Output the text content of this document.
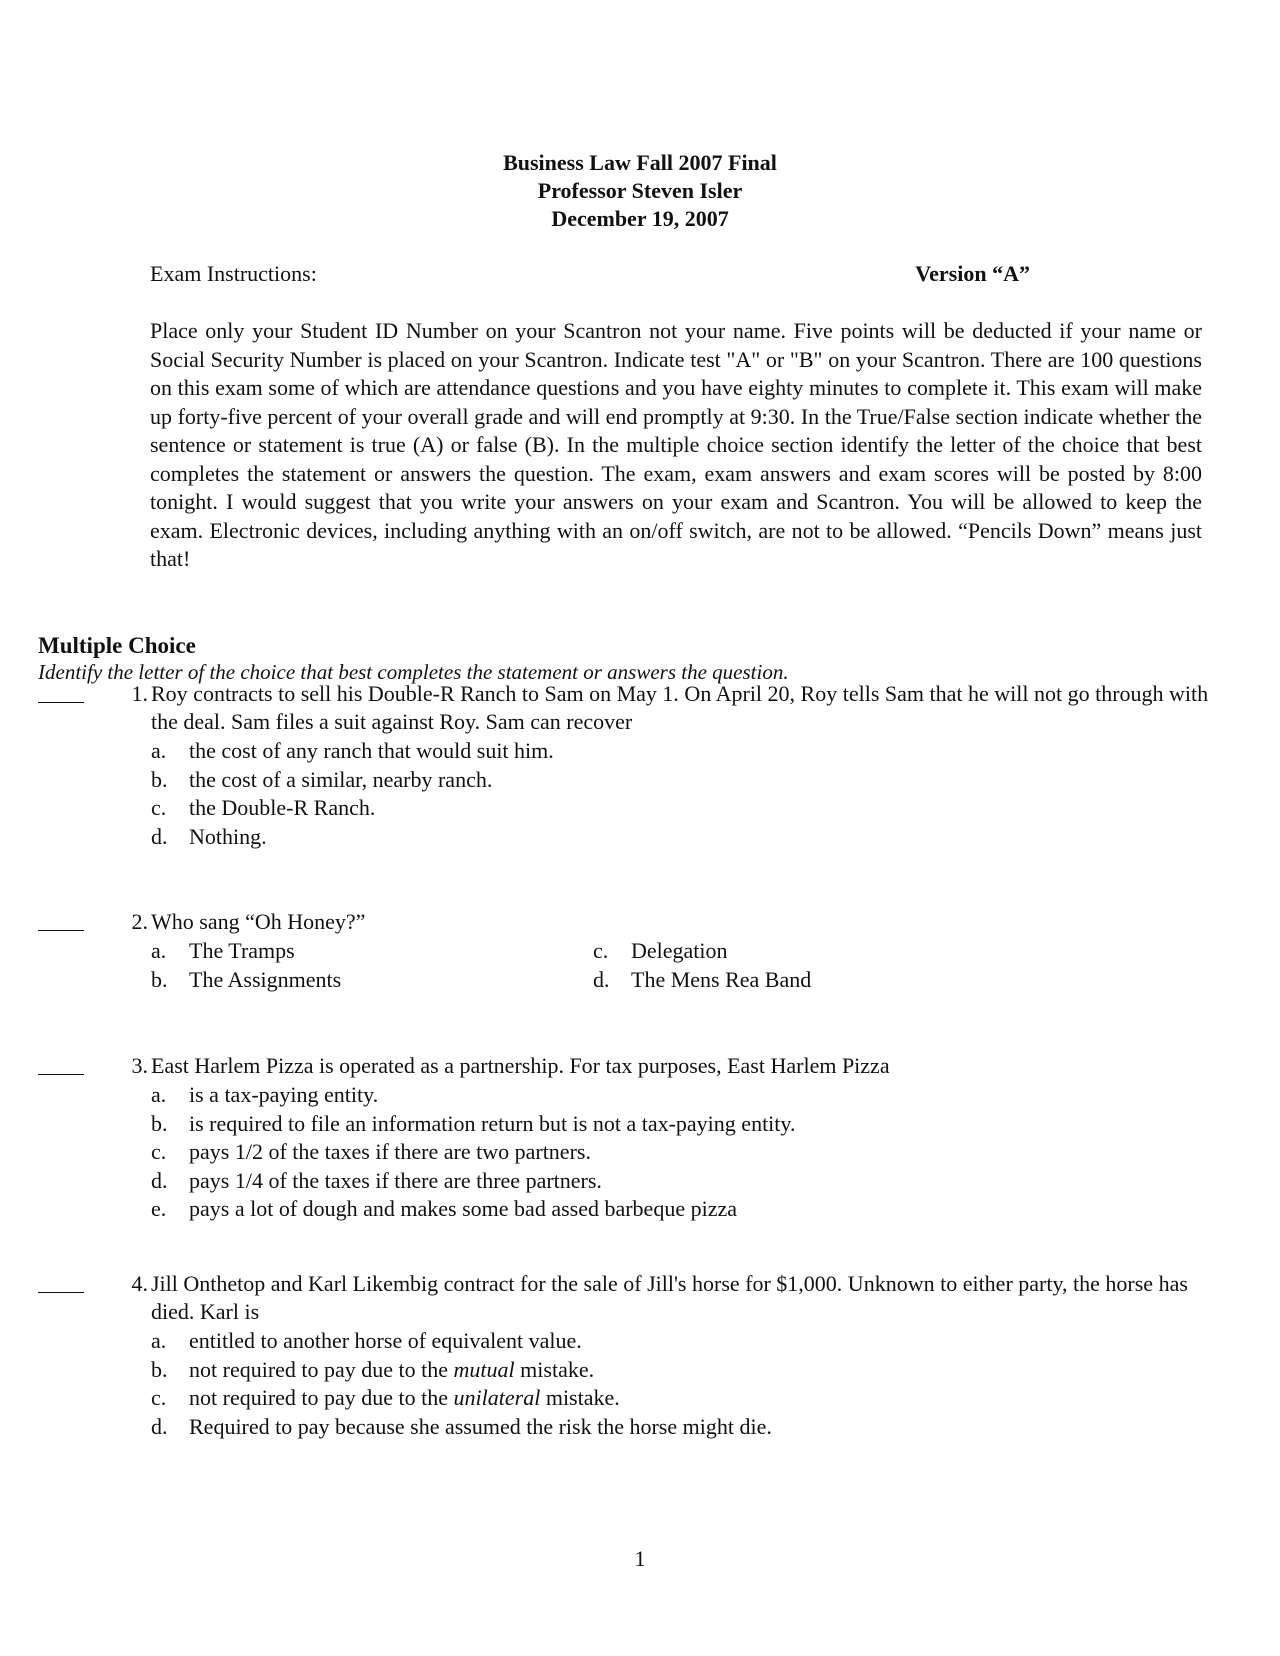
Business Law Fall 2007 Final
Professor Steven Isler
December 19, 2007
Exam Instructions:	Version “A”
Place only your Student ID Number on your Scantron not your name. Five points will be deducted if your name or Social Security Number is placed on your Scantron. Indicate test "A" or "B" on your Scantron. There are 100 questions on this exam some of which are attendance questions and you have eighty minutes to complete it. This exam will make up forty-five percent of your overall grade and will end promptly at 9:30. In the True/False section indicate whether the sentence or statement is true (A) or false (B). In the multiple choice section identify the letter of the choice that best completes the statement or answers the question. The exam, exam answers and exam scores will be posted by 8:00 tonight. I would suggest that you write your answers on your exam and Scantron. You will be allowed to keep the exam. Electronic devices, including anything with an on/off switch, are not to be allowed. “Pencils Down” means just that!
Multiple Choice
Identify the letter of the choice that best completes the statement or answers the question.
1. Roy contracts to sell his Double-R Ranch to Sam on May 1. On April 20, Roy tells Sam that he will not go through with the deal. Sam files a suit against Roy. Sam can recover
a. the cost of any ranch that would suit him.
b. the cost of a similar, nearby ranch.
c. the Double-R Ranch.
d. Nothing.
2. Who sang “Oh Honey?”
a. The Tramps
b. The Assignments
c. Delegation
d. The Mens Rea Band
3. East Harlem Pizza is operated as a partnership. For tax purposes, East Harlem Pizza
a. is a tax-paying entity.
b. is required to file an information return but is not a tax-paying entity.
c. pays 1/2 of the taxes if there are two partners.
d. pays 1/4 of the taxes if there are three partners.
e. pays a lot of dough and makes some bad assed barbeque pizza
4. Jill Onthetop and Karl Likembig contract for the sale of Jill's horse for $1,000. Unknown to either party, the horse has died. Karl is
a. entitled to another horse of equivalent value.
b. not required to pay due to the mutual mistake.
c. not required to pay due to the unilateral mistake.
d. Required to pay because she assumed the risk the horse might die.
1
